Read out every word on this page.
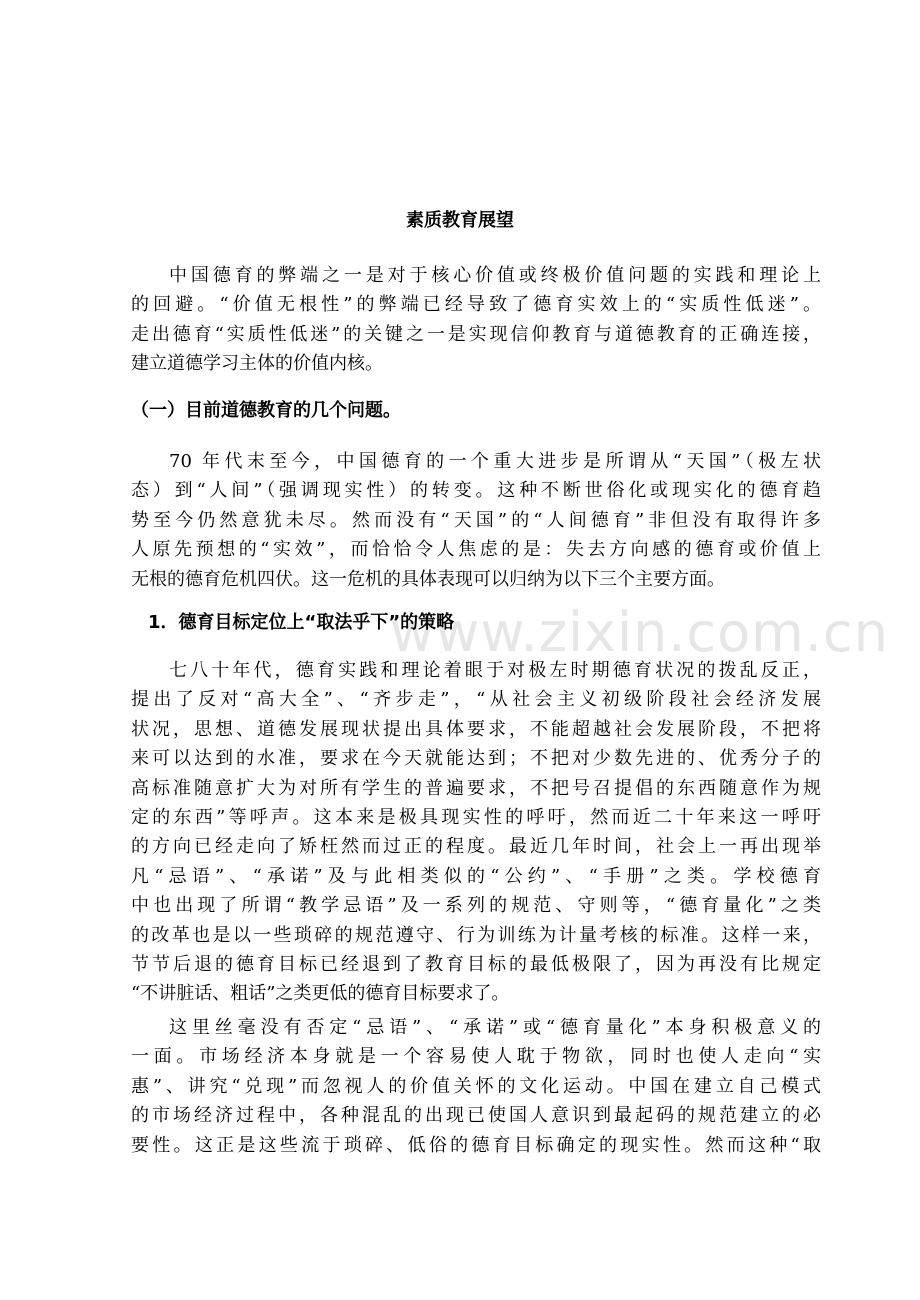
www.zixin.com.cn
素质教育展望
中国德育的弊端之一是对于核心价值或终极价值问题的实践和理论上
的回避。“价值无根性”的弊端已经导致了德育实效上的“实质性低迷”。
走出德育“实质性低迷”的关键之一是实现信仰教育与道德教育的正确连接，
建立道德学习主体的价值内核。
（一）目前道德教育的几个问题。
70 年代末至今，中国德育的一个重大进步是所谓从“天国”（极左状
态）到“人间”（强调现实性）的转变。这种不断世俗化或现实化的德育趋
势至今仍然意犹未尽。然而没有“天国”的“人间德育”非但没有取得许多
人原先预想的“实效”，而恰恰令人焦虑的是：失去方向感的德育或价值上
无根的德育危机四伏。这一危机的具体表现可以归纳为以下三个主要方面。
1．德育目标定位上“取法乎下”的策略
七八十年代，德育实践和理论着眼于对极左时期德育状况的拨乱反正，
提出了反对“高大全”、“齐步走”，“从社会主义初级阶段社会经济发展
状况，思想、道德发展现状提出具体要求，不能超越社会发展阶段，不把将
来可以达到的水准，要求在今天就能达到；不把对少数先进的、优秀分子的
高标准随意扩大为对所有学生的普遍要求，不把号召提倡的东西随意作为规
定的东西”等呼声。这本来是极具现实性的呼吁，然而近二十年来这一呼吁
的方向已经走向了矫枉然而过正的程度。最近几年时间，社会上一再出现举
凡“忌语”、“承诺”及与此相类似的“公约”、“手册”之类。学校德育
中也出现了所谓“教学忌语”及一系列的规范、守则等，“德育量化”之类
的改革也是以一些琐碎的规范遵守、行为训练为计量考核的标准。这样一来，
节节后退的德育目标已经退到了教育目标的最低极限了，因为再没有比规定
“不讲脏话、粗话”之类更低的德育目标要求了。
这里丝毫没有否定“忌语”、“承诺”或“德育量化”本身积极意义的
一面。市场经济本身就是一个容易使人耽于物欲，同时也使人走向“实
惠”、讲究“兑现”而忽视人的价值关怀的文化运动。中国在建立自己模式
的市场经济过程中，各种混乱的出现已使国人意识到最起码的规范建立的必
要性。这正是这些流于琐碎、低俗的德育目标确定的现实性。然而这种“取
